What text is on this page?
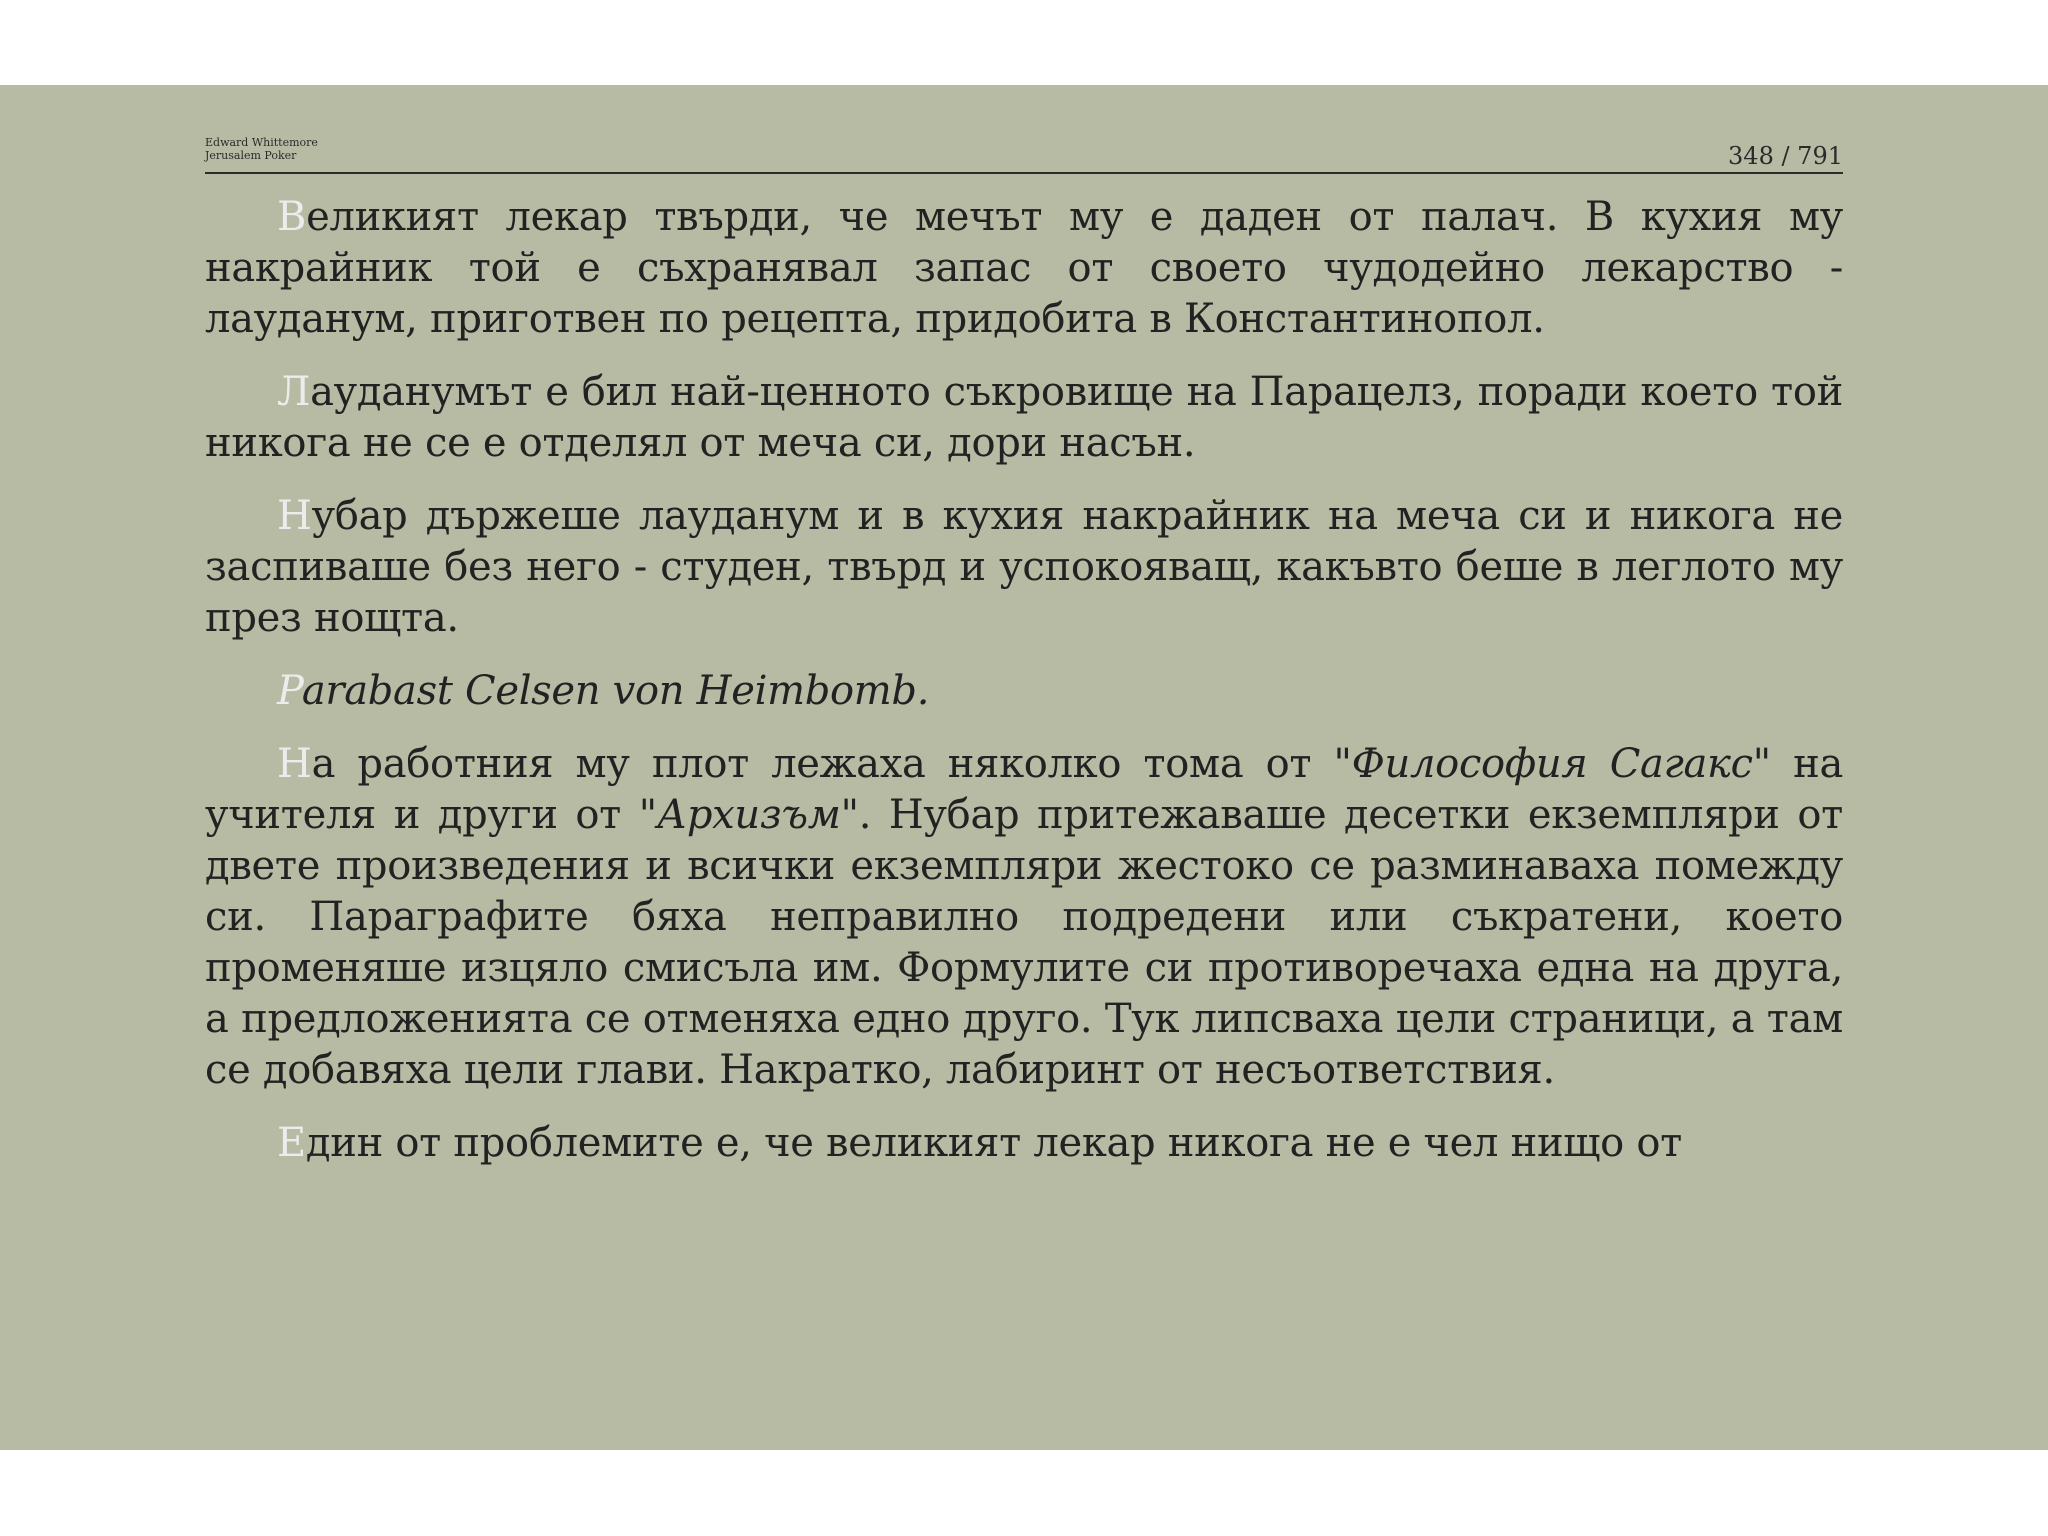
Edward Whittemore
Jerusalem Poker	348 / 791

Великият лекар твърди, че мечът му е даден от палач. В кухия му накрайник той е съхранявал запас от своето чудодейно лекарство - лауданум, приготвен по рецепта, придобита в Константинопол.

Лауданумът е бил най-ценното съкровище на Парацелз, поради което той никога не се е отделял от меча си, дори насън.

Нубар държеше лауданум и в кухия накрайник на меча си и никога не заспиваше без него - студен, твърд и успокояващ, какъвто беше в леглото му през нощта.

Parabast Celsen von Heimbomb.

На работния му плот лежаха няколко тома от "Философия Сагакс" на учителя и други от "Архизъм". Нубар притежаваше десетки екземпляри от двете произведения и всички екземпляри жестоко се разминаваха помежду си. Параграфите бяха неправилно подредени или съкратени, което променяше изцяло смисъла им. Формулите си противоречаха една на друга, а предложенията се отменяха едно друго. Тук липсваха цели страници, а там се добавяха цели глави. Накратко, лабиринт от несъответствия.

Един от проблемите е, че великият лекар никога не е чел нищо от
